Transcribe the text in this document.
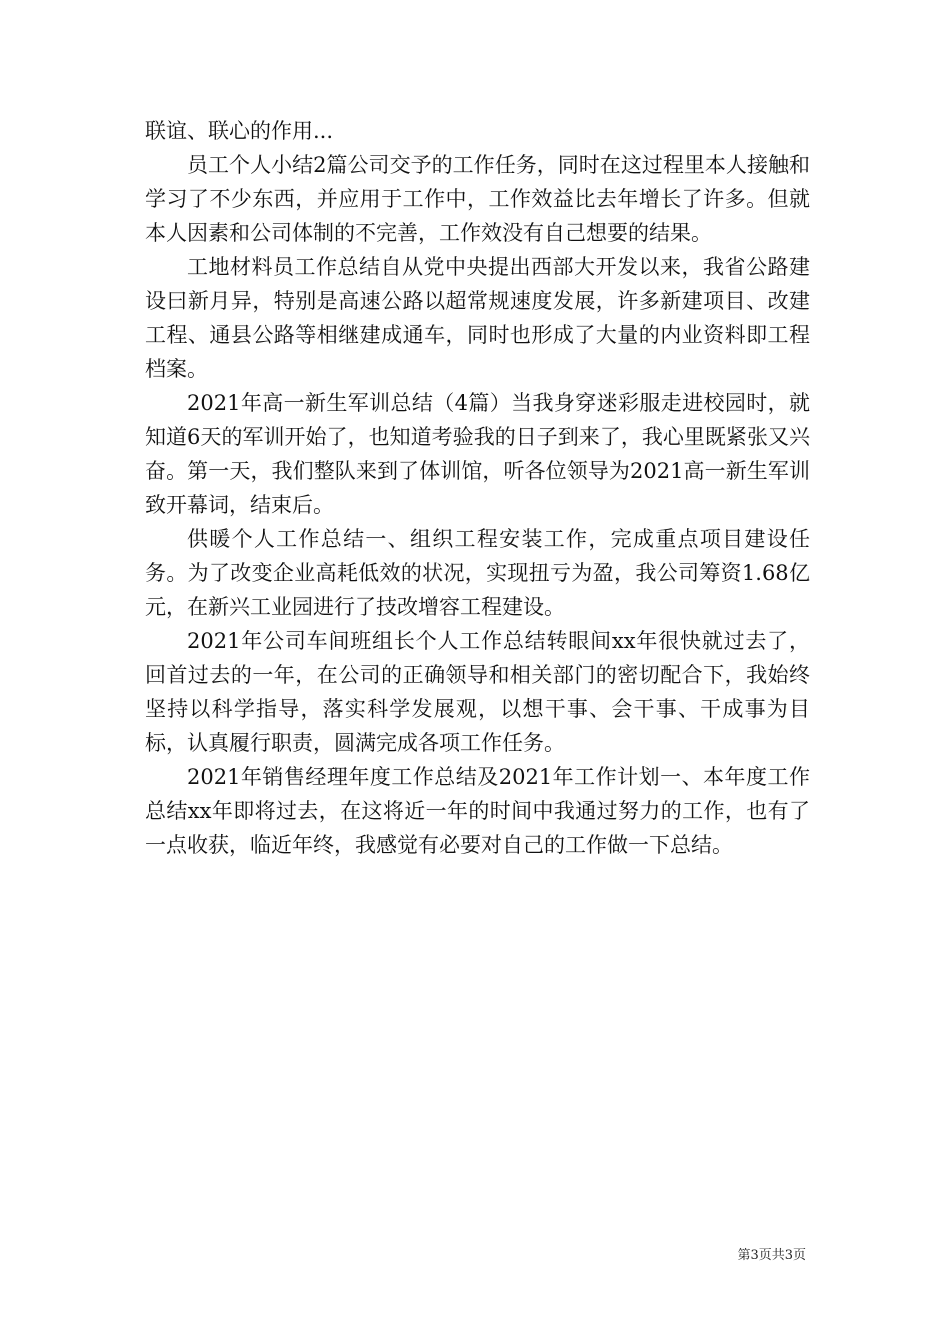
联谊、联心的作用...

员工个人小结2篇公司交予的工作任务，同时在这过程里本人接触和学习了不少东西，并应用于工作中，工作效益比去年增长了许多。但就本人因素和公司体制的不完善，工作效没有自己想要的结果。

工地材料员工作总结自从党中央提出西部大开发以来，我省公路建设曰新月异，特别是高速公路以超常规速度发展，许多新建项目、改建工程、通县公路等相继建成通车，同时也形成了大量的内业资料即工程档案。

2021年高一新生军训总结（4篇）当我身穿迷彩服走进校园时，就知道6天的军训开始了，也知道考验我的日子到来了，我心里既紧张又兴奋。第一天，我们整队来到了体训馆，听各位领导为2021高一新生军训致开幕词，结束后。

供暖个人工作总结一、组织工程安装工作，完成重点项目建设任务。为了改变企业高耗低效的状况，实现扭亏为盈，我公司筹资1.68亿元，在新兴工业园进行了技改增容工程建设。

2021年公司车间班组长个人工作总结转眼间xx年很快就过去了，回首过去的一年，在公司的正确领导和相关部门的密切配合下，我始终坚持以科学指导，落实科学发展观，以想干事、会干事、干成事为目标，认真履行职责，圆满完成各项工作任务。

2021年销售经理年度工作总结及2021年工作计划一、本年度工作总结xx年即将过去，在这将近一年的时间中我通过努力的工作，也有了一点收获，临近年终，我感觉有必要对自己的工作做一下总结。

第3页共3页
